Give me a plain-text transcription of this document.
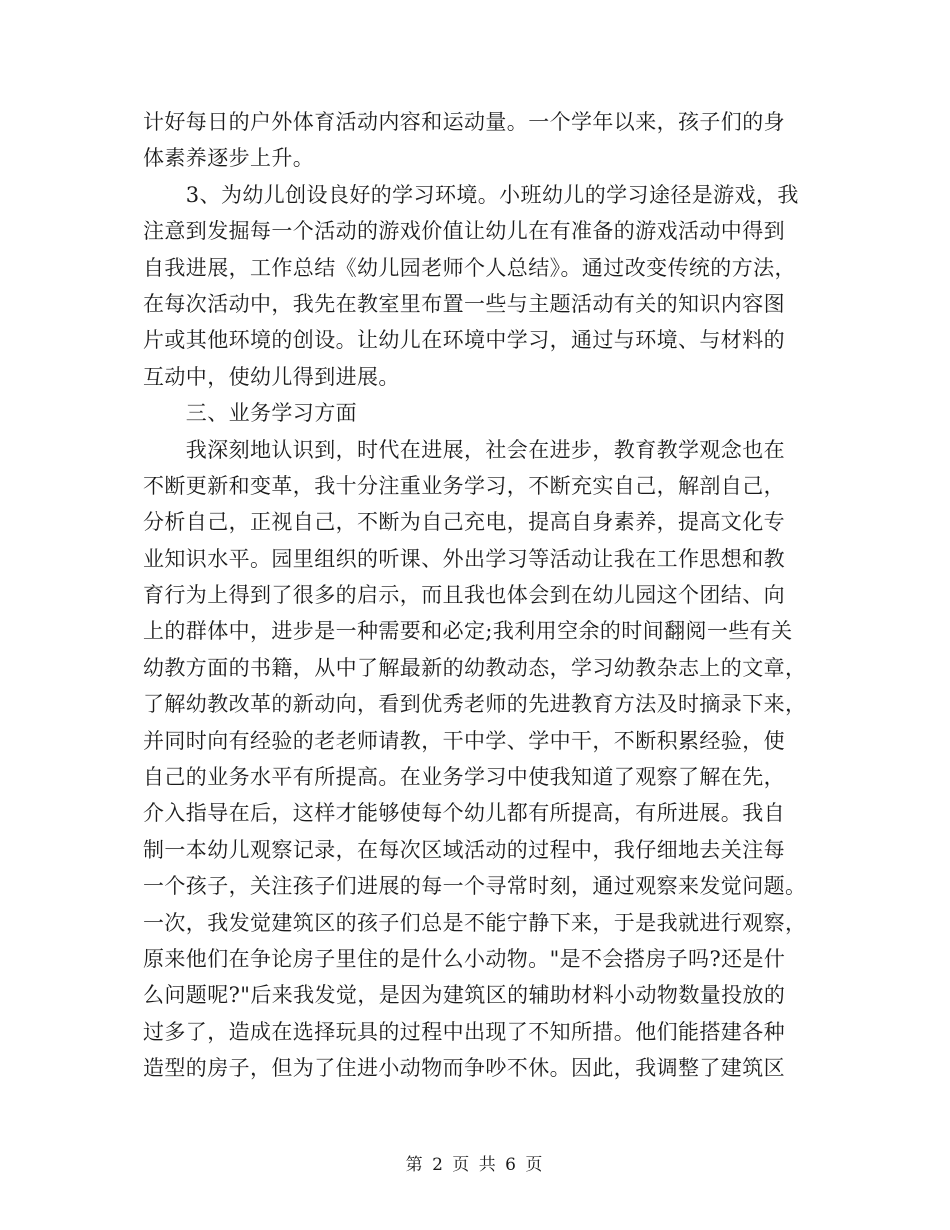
计好每日的户外体育活动内容和运动量。一个学年以来，孩子们的身
体素养逐步上升。
　　3、为幼儿创设良好的学习环境。小班幼儿的学习途径是游戏，我
注意到发掘每一个活动的游戏价值让幼儿在有准备的游戏活动中得到
自我进展，工作总结《幼儿园老师个人总结》。通过改变传统的方法，
在每次活动中，我先在教室里布置一些与主题活动有关的知识内容图
片或其他环境的创设。让幼儿在环境中学习，通过与环境、与材料的
互动中，使幼儿得到进展。
　　三、业务学习方面
　　我深刻地认识到，时代在进展，社会在进步，教育教学观念也在
不断更新和变革，我十分注重业务学习，不断充实自己，解剖自己，
分析自己，正视自己，不断为自己充电，提高自身素养，提高文化专
业知识水平。园里组织的听课、外出学习等活动让我在工作思想和教
育行为上得到了很多的启示，而且我也体会到在幼儿园这个团结、向
上的群体中，进步是一种需要和必定;我利用空余的时间翻阅一些有关
幼教方面的书籍，从中了解最新的幼教动态，学习幼教杂志上的文章，
了解幼教改革的新动向，看到优秀老师的先进教育方法及时摘录下来，
并同时向有经验的老老师请教，干中学、学中干，不断积累经验，使
自己的业务水平有所提高。在业务学习中使我知道了观察了解在先，
介入指导在后，这样才能够使每个幼儿都有所提高，有所进展。我自
制一本幼儿观察记录，在每次区域活动的过程中，我仔细地去关注每
一个孩子，关注孩子们进展的每一个寻常时刻，通过观察来发觉问题。
一次，我发觉建筑区的孩子们总是不能宁静下来，于是我就进行观察，
原来他们在争论房子里住的是什么小动物。"是不会搭房子吗?还是什
么问题呢?"后来我发觉，是因为建筑区的辅助材料小动物数量投放的
过多了，造成在选择玩具的过程中出现了不知所措。他们能搭建各种
造型的房子，但为了住进小动物而争吵不休。因此，我调整了建筑区
第 2 页 共 6 页
